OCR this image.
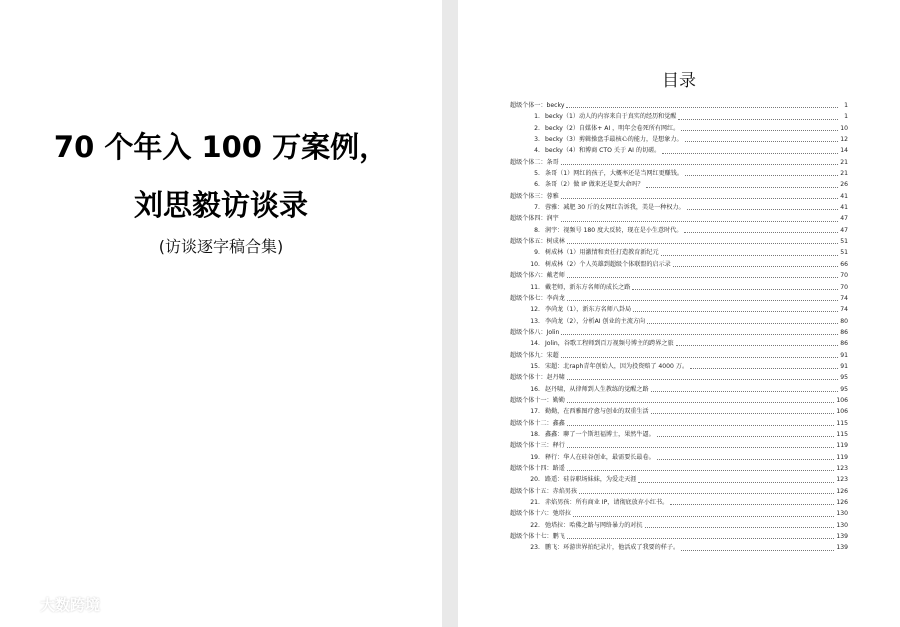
70 个年入 100 万案例，
刘思毅访谈录
(访谈逐字稿合集)
目录
超级个体一：becky	1
1. becky（1）动人的内容来自于真实的经历和觉醒	1
2. becky（2）自媒体+ AI ，明年会卷死所有网红。	10
3. becky（3）剪辑操盘手最核心的能力，是想象力。	12
4. becky（4）和博商 CTO 关于 AI 的切磋。	14
超级个体二：条哥	21
5. 条哥（1）网红的孩子，大概率还是当网红更赚钱。	21
6. 条哥（2）做 IP 做来还是要大命吗？	26
超级个体三：蓉雅	41
7. 蓉雅：减肥 30 斤的女网红告诉我，美是一种权力。	41
超级个体四：润宇	47
8. 润宇：视频号 180 度大反转，现在是小生意时代。	47
超级个体五：树成林	51
9. 树成林（1）用激情和责任打造教育新纪元	51
10. 树成林（2）个人英雄到超级个体联盟的启示录	66
超级个体六：戴老师	70
11. 戴老师，新东方名师的成长之路	70
超级个体七：李尚龙	74
12. 李尚龙（1），新东方名师八卦局	74
13. 李尚龙（2），分析AI 创业的主流方向	80
超级个体八：Jolin	86
14. Jolin，谷歌工程师到百万视频号博主的跨界之旅	86
超级个体九：宋超	91
15. 宋超：北raph青年创始人，因为投资赔了 4000 万。	91
超级个体十：赵丹啸	95
16. 赵丹啸，从律师到人生教练的觉醒之路	95
超级个体十一：勤勤	106
17. 勤勤，在西雅图疗愈与创业的双重生活	106
超级个体十二：鑫鑫	115
18. 鑫鑫：聊了一个斯坦福博士，果然牛逼。	115
超级个体十三：释行	119
19. 释行：华人在硅谷创业，最需要长最卷。	119
超级个体十四：路遥	123
20. 路遥：硅谷职场妹妹，为爱走天涯	123
超级个体十五：赤焰男孩	126
21. 赤焰男孩：所有商业 IP，请彻底放弃小红书。	126
超级个体十六：弛塔拉	130
22. 弛塔拉：哈佛之路与网络暴力的对抗	130
超级个体十七：鹏飞	139
23. 鹏飞：环游世界拍纪录片，他活成了我要的样子。	139
大数跨境
